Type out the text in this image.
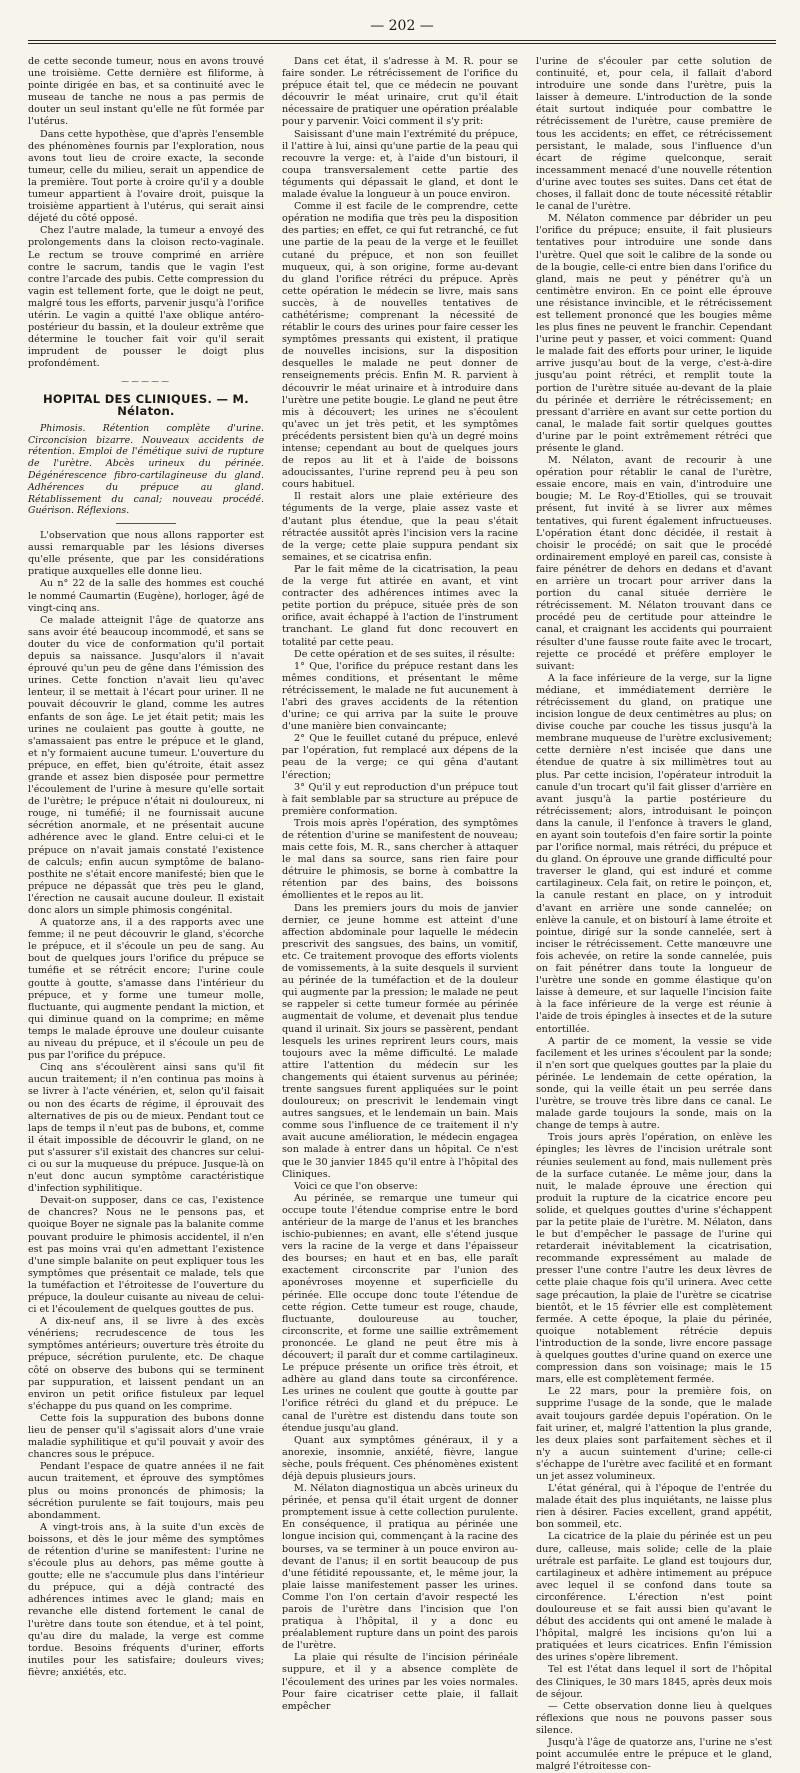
— 202 —

de cette seconde tumeur, nous en avons trouvé une troisième. Cette dernière est filiforme, à pointe dirigée en bas, et sa continuité avec le museau de tanche ne nous a pas permis de douter un seul instant qu'elle ne fût formée par l'utérus.

Dans cette hypothèse, que d'après l'ensemble des phénomènes fournis par l'exploration, nous avons tout lieu de croire exacte, la seconde tumeur, celle du milieu, serait un appendice de la première. Tout porte à croire qu'il y a double tumeur appartient à l'ovaire droit, puisque la troisième appartient à l'utérus, qui serait ainsi déjeté du côté opposé.

Chez l'autre malade, la tumeur a envoyé des prolongements dans la cloison recto-vaginale. Le rectum se trouve comprimé en arrière contre le sacrum, tandis que le vagin l'est contre l'arcade des pubis. Cette compression du vagin est tellement forte, que le doigt ne peut, malgré tous les efforts, parvenir jusqu'à l'orifice utérin. Le vagin a quitté l'axe oblique antéro-postérieur du bassin, et la douleur extrême que détermine le toucher fait voir qu'il serait imprudent de pousser le doigt plus profondément.

⁓⁓⁓⁓⁓
HOPITAL DES CLINIQUES. — M. Nélaton.

Phimosis. Rétention complète d'urine. Circoncision bizarre. Nouveaux accidents de rétention. Emploi de l'émétique suivi de rupture de l'urètre. Abcès urineux du périnée. Dégénérescence fibro-cartilagineuse du gland. Adhérences du prépuce au gland. Rétablissement du canal; nouveau procédé. Guérison. Réflexions.

L'observation que nous allons rapporter est aussi remarquable par les lésions diverses qu'elle présente, que par les considérations pratique auxquelles elle donne lieu.

Au n° 22 de la salle des hommes est couché le nommé Caumartin (Eugène), horloger, âgé de vingt-cinq ans.

Ce malade atteignit l'âge de quatorze ans sans avoir été beaucoup incommodé, et sans se douter du vice de conformation qu'il portait depuis sa naissance. Jusqu'alors il n'avait éprouvé qu'un peu de gêne dans l'émission des urines. Cette fonction n'avait lieu qu'avec lenteur, il se mettait à l'écart pour uriner. Il ne pouvait découvrir le gland, comme les autres enfants de son âge. Le jet était petit; mais les urines ne coulaient pas goutte à goutte, ne s'amassaient pas entre le prépuce et le gland, et n'y formaient aucune tumeur. L'ouverture du prépuce, en effet, bien qu'étroite, était assez grande et assez bien disposée pour permettre l'écoulement de l'urine à mesure qu'elle sortait de l'urètre; le prépuce n'était ni douloureux, ni rouge, ni tuméfié; il ne fournissait aucune sécrétion anormale, et ne présentait aucune adhérence avec le gland. Entre celui-ci et le prépuce on n'avait jamais constaté l'existence de calculs; enfin aucun symptôme de balano-posthite ne s'était encore manifesté; bien que le prépuce ne dépassât que très peu le gland, l'érection ne causait aucune douleur. Il existait donc alors un simple phimosis congénital.

A quatorze ans, il a des rapports avec une femme; il ne peut découvrir le gland, s'écorche le prépuce, et il s'écoule un peu de sang. Au bout de quelques jours l'orifice du prépuce se tuméfie et se rétrécit encore; l'urine coule goutte à goutte, s'amasse dans l'intérieur du prépuce, et y forme une tumeur molle, fluctuante, qui augmente pendant la miction, et qui diminue quand on la comprime; en même temps le malade éprouve une douleur cuisante au niveau du prépuce, et il s'écoule un peu de pus par l'orifice du prépuce.

Cinq ans s'écoulèrent ainsi sans qu'il fit aucun traitement; il n'en continua pas moins à se livrer à l'acte vénérien, et, selon qu'il faisait ou non des écarts de régime, il éprouvait des alternatives de pis ou de mieux. Pendant tout ce laps de temps il n'eut pas de bubons, et, comme il était impossible de découvrir le gland, on ne put s'assurer s'il existait des chancres sur celui-ci ou sur la muqueuse du prépuce. Jusque-là on n'eut donc aucun symptôme caractéristique d'infection syphilitique.

Devait-on supposer, dans ce cas, l'existence de chancres? Nous ne le pensons pas, et quoique Boyer ne signale pas la balanite comme pouvant produire le phimosis accidentel, il n'en est pas moins vrai qu'en admettant l'existence d'une simple balanite on peut expliquer tous les symptômes que présentait ce malade, tels que la tuméfaction et l'étroitesse de l'ouverture du prépuce, la douleur cuisante au niveau de celui-ci et l'écoulement de quelques gouttes de pus.

A dix-neuf ans, il se livre à des excès vénériens; recrudescence de tous les symptômes antérieurs; ouverture très étroite du prépuce, sécrétion purulente, etc. De chaque côté on observe des bubons qui se terminent par suppuration, et laissent pendant un an environ un petit orifice fistuleux par lequel s'échappe du pus quand on les comprime.

Cette fois la suppuration des bubons donne lieu de penser qu'il s'agissait alors d'une vraie maladie syphilitique et qu'il pouvait y avoir des chancres sous le prépuce.

Pendant l'espace de quatre années il ne fait aucun traitement, et éprouve des symptômes plus ou moins prononcés de phimosis; la sécrétion purulente se fait toujours, mais peu abondamment.

A vingt-trois ans, à la suite d'un excès de boissons, et dès le jour même des symptômes de rétention d'urine se manifestent: l'urine ne s'écoule plus au dehors, pas même goutte à goutte; elle ne s'accumule plus dans l'intérieur du prépuce, qui a déjà contracté des adhérences intimes avec le gland; mais en revanche elle distend fortement le canal de l'urètre dans toute son étendue, et à tel point, qu'au dire du malade, la verge est comme tordue. Besoins fréquents d'uriner, efforts inutiles pour les satisfaire; douleurs vives; fièvre; anxiétés, etc.

Dans cet état, il s'adresse à M. R. pour se faire sonder. Le rétrécissement de l'orifice du prépuce était tel, que ce médecin ne pouvant découvrir le méat urinaire, crut qu'il était nécessaire de pratiquer une opération préalable pour y parvenir. Voici comment il s'y prit:

Saisissant d'une main l'extrémité du prépuce, il l'attire à lui, ainsi qu'une partie de la peau qui recouvre la verge: et, à l'aide d'un bistouri, il coupa transversalement cette partie des téguments qui dépassait le gland, et dont le malade évalue la longueur à un pouce environ.

Comme il est facile de le comprendre, cette opération ne modifia que très peu la disposition des parties; en effet, ce qui fut retranché, ce fut une partie de la peau de la verge et le feuillet cutané du prépuce, et non son feuillet muqueux, qui, à son origine, forme au-devant du gland l'orifice rétréci du prépuce. Après cette opération le médecin se livre, mais sans succès, à de nouvelles tentatives de cathétérisme; comprenant la nécessité de rétablir le cours des urines pour faire cesser les symptômes pressants qui existent, il pratique de nouvelles incisions, sur la disposition desquelles le malade ne peut donner de renseignements précis. Enfin M. R. parvient à découvrir le méat urinaire et à introduire dans l'urètre une petite bougie. Le gland ne peut être mis à découvert; les urines ne s'écoulent qu'avec un jet très petit, et les symptômes précédents persistent bien qu'à un degré moins intense; cependant au bout de quelques jours de repos au lit et à l'aide de boissons adoucissantes, l'urine reprend peu à peu son cours habituel.

Il restait alors une plaie extérieure des téguments de la verge, plaie assez vaste et d'autant plus étendue, que la peau s'était rétractée aussitôt après l'incision vers la racine de la verge; cette plaie suppura pendant six semaines, et se cicatrisa enfin.

Par le fait même de la cicatrisation, la peau de la verge fut attirée en avant, et vint contracter des adhérences intimes avec la petite portion du prépuce, située près de son orifice, avait échappé à l'action de l'instrument tranchant. Le gland fut donc recouvert en totalité par cette peau.

De cette opération et de ses suites, il résulte:

1° Que, l'orifice du prépuce restant dans les mêmes conditions, et présentant le même rétrécissement, le malade ne fut aucunement à l'abri des graves accidents de la rétention d'urine; ce qui arriva par la suite le prouve d'une manière bien convaincante;

2° Que le feuillet cutané du prépuce, enlevé par l'opération, fut remplacé aux dépens de la peau de la verge; ce qui gêna d'autant l'érection;

3° Qu'il y eut reproduction d'un prépuce tout à fait semblable par sa structure au prépuce de première conformation.

Trois mois après l'opération, des symptômes de rétention d'urine se manifestent de nouveau; mais cette fois, M. R., sans chercher à attaquer le mal dans sa source, sans rien faire pour détruire le phimosis, se borne à combattre la rétention par des bains, des boissons émollientes et le repos au lit.

Dans les premiers jours du mois de janvier dernier, ce jeune homme est atteint d'une affection abdominale pour laquelle le médecin prescrivit des sangsues, des bains, un vomitif, etc. Ce traitement provoque des efforts violents de vomissements, à la suite desquels il survient au périnée de la tuméfaction et de la douleur qui augmente par la pression; le malade ne peut se rappeler si cette tumeur formée au périnée augmentait de volume, et devenait plus tendue quand il urinait. Six jours se passèrent, pendant lesquels les urines reprirent leurs cours, mais toujours avec la même difficulté. Le malade attire l'attention du médecin sur les changements qui étaient survenus au périnée; trente sangsues furent appliquées sur le point douloureux; on prescrivit le lendemain vingt autres sangsues, et le lendemain un bain. Mais comme sous l'influence de ce traitement il n'y avait aucune amélioration, le médecin engagea son malade à entrer dans un hôpital. Ce n'est que le 30 janvier 1845 qu'il entre à l'hôpital des Cliniques.

Voici ce que l'on observe:

Au périnée, se remarque une tumeur qui occupe toute l'étendue comprise entre le bord antérieur de la marge de l'anus et les branches ischio-pubiennes; en avant, elle s'étend jusque vers la racine de la verge et dans l'épaisseur des bourses; en haut et en bas, elle paraît exactement circonscrite par l'union des aponévroses moyenne et superficielle du périnée. Elle occupe donc toute l'étendue de cette région. Cette tumeur est rouge, chaude, fluctuante, douloureuse au toucher, circonscrite, et forme une saillie extrêmement prononcée. Le gland ne peut être mis à découvert; il paraît dur et comme cartilagineux. Le prépuce présente un orifice très étroit, et adhère au gland dans toute sa circonférence. Les urines ne coulent que goutte à goutte par l'orifice rétréci du gland et du prépuce. Le canal de l'urètre est distendu dans toute son étendue jusqu'au gland.

Quant aux symptômes généraux, il y a anorexie, insomnie, anxiété, fièvre, langue sèche, pouls fréquent. Ces phénomènes existent déjà depuis plusieurs jours.

M. Nélaton diagnostiqua un abcès urineux du périnée, et pensa qu'il était urgent de donner promptement issue à cette collection purulente. En conséquence, il pratiqua au périnée une longue incision qui, commençant à la racine des bourses, va se terminer à un pouce environ au-devant de l'anus; il en sortit beaucoup de pus d'une fétidité repoussante, et, le même jour, la plaie laisse manifestement passer les urines. Comme l'on l'on certain d'avoir respecté les parois de l'urètre dans l'incision que l'on pratiqua à l'hôpital, il y a donc eu préalablement rupture dans un point des parois de l'urètre.

La plaie qui résulte de l'incision périnéale suppure, et il y a absence complète de l'écoulement des urines par les voies normales. Pour faire cicatriser cette plaie, il fallait empêcher

l'urine de s'écouler par cette solution de continuité, et, pour cela, il fallait d'abord introduire une sonde dans l'urètre, puis la laisser à demeure. L'introduction de la sonde était surtout indiquée pour combattre le rétrécissement de l'urètre, cause première de tous les accidents; en effet, ce rétrécissement persistant, le malade, sous l'influence d'un écart de régime quelconque, serait incessamment menacé d'une nouvelle rétention d'urine avec toutes ses suites. Dans cet état de choses, il fallait donc de toute nécessité rétablir le canal de l'urètre.

M. Nélaton commence par débrider un peu l'orifice du prépuce; ensuite, il fait plusieurs tentatives pour introduire une sonde dans l'urètre. Quel que soit le calibre de la sonde ou de la bougie, celle-ci entre bien dans l'orifice du gland, mais ne peut y pénétrer qu'à un centimètre environ. En ce point elle éprouve une résistance invincible, et le rétrécissement est tellement prononcé que les bougies même les plus fines ne peuvent le franchir. Cependant l'urine peut y passer, et voici comment: Quand le malade fait des efforts pour uriner, le liquide arrive jusqu'au bout de la verge, c'est-à-dire jusqu'au point rétréci, et remplit toute la portion de l'urètre située au-devant de la plaie du périnée et derrière le rétrécissement; en pressant d'arrière en avant sur cette portion du canal, le malade fait sortir quelques gouttes d'urine par le point extrêmement rétréci que présente le gland.

M. Nélaton, avant de recourir à une opération pour rétablir le canal de l'urètre, essaie encore, mais en vain, d'introduire une bougie; M. Le Roy-d'Etiolles, qui se trouvait présent, fut invité à se livrer aux mêmes tentatives, qui furent également infructueuses. L'opération étant donc décidée, il restait à choisir le procédé; on sait que le procédé ordinairement employé en pareil cas, consiste à faire pénétrer de dehors en dedans et d'avant en arrière un trocart pour arriver dans la portion du canal située derrière le rétrécissement. M. Nélaton trouvant dans ce procédé peu de certitude pour atteindre le canal, et craignant les accidents qui pourraient résulter d'une fausse route faite avec le trocart, rejette ce procédé et préfère employer le suivant:

A la face inférieure de la verge, sur la ligne médiane, et immédiatement derrière le rétrécissement du gland, on pratique une incision longue de deux centimètres au plus; on divise couche par couche les tissus jusqu'à la membrane muqueuse de l'urètre exclusivement; cette dernière n'est incisée que dans une étendue de quatre à six millimètres tout au plus. Par cette incision, l'opérateur introduit la canule d'un trocart qu'il fait glisser d'arrière en avant jusqu'à la partie postérieure du rétrécissement; alors, introduisant le poinçon dans la canule, il l'enfonce à travers le gland, en ayant soin toutefois d'en faire sortir la pointe par l'orifice normal, mais rétréci, du prépuce et du gland. On éprouve une grande difficulté pour traverser le gland, qui est induré et comme cartilagineux. Cela fait, on retire le poinçon, et, la canule restant en place, on y introduit d'avant en arrière une sonde cannelée; on enlève la canule, et on bistourí à lame étroite et pointue, dirigé sur la sonde cannelée, sert à inciser le rétrécissement. Cette manœuvre une fois achevée, on retire la sonde cannelée, puis on fait pénétrer dans toute la longueur de l'urètre une sonde en gomme élastique qu'on laisse à demeure, et sur laquelle l'incision faite à la face inférieure de la verge est réunie à l'aide de trois épingles à insectes et de la suture entortillée.

A partir de ce moment, la vessie se vide facilement et les urines s'écoulent par la sonde; il n'en sort que quelques gouttes par la plaie du périnée. Le lendemain de cette opération, la sonde, qui la veille était un peu serrée dans l'urètre, se trouve très libre dans ce canal. Le malade garde toujours la sonde, mais on la change de temps à autre.

Trois jours après l'opération, on enlève les épingles; les lèvres de l'incision urétrale sont réunies seulement au fond, mais nullement près de la surface cutanée. Le même jour, dans la nuit, le malade éprouve une érection qui produit la rupture de la cicatrice encore peu solide, et quelques gouttes d'urine s'échappent par la petite plaie de l'urètre. M. Nélaton, dans le but d'empêcher le passage de l'urine qui retarderait inévitablement la cicatrisation, recommande expressément au malade de presser l'une contre l'autre les deux lèvres de cette plaie chaque fois qu'il urinera. Avec cette sage précaution, la plaie de l'urètre se cicatrise bientôt, et le 15 février elle est complètement fermée. A cette époque, la plaie du périnée, quoique notablement rétrécie depuis l'introduction de la sonde, livre encore passage à quelques gouttes d'urine quand on exerce une compression dans son voisinage; mais le 15 mars, elle est complètement fermée.

Le 22 mars, pour la première fois, on supprime l'usage de la sonde, que le malade avait toujours gardée depuis l'opération. On le fait uriner, et, malgré l'attention la plus grande, les deux plaies sont parfaitement sèches et il n'y a aucun suintement d'urine; celle-ci s'échappe de l'urètre avec facilité et en formant un jet assez volumineux.

L'état général, qui à l'époque de l'entrée du malade était des plus inquiétants, ne laisse plus rien à désirer. Facies excellent, grand appétit, bon sommeil, etc.

La cicatrice de la plaie du périnée est un peu dure, calleuse, mais solide; celle de la plaie urétrale est parfaite. Le gland est toujours dur, cartilagineux et adhère intimement au prépuce avec lequel il se confond dans toute sa circonférence. L'érection n'est point douloureuse et se fait aussi bien qu'avant le début des accidents qui ont amené le malade à l'hôpital, malgré les incisions qu'on lui a pratiquées et leurs cicatrices. Enfin l'émission des urines s'opère librement.

Tel est l'état dans lequel il sort de l'hôpital des Cliniques, le 30 mars 1845, après deux mois de séjour.

— Cette observation donne lieu à quelques réflexions que nous ne pouvons passer sous silence.

Jusqu'à l'âge de quatorze ans, l'urine ne s'est point accumulée entre le prépuce et le gland, malgré l'étroitesse con-
